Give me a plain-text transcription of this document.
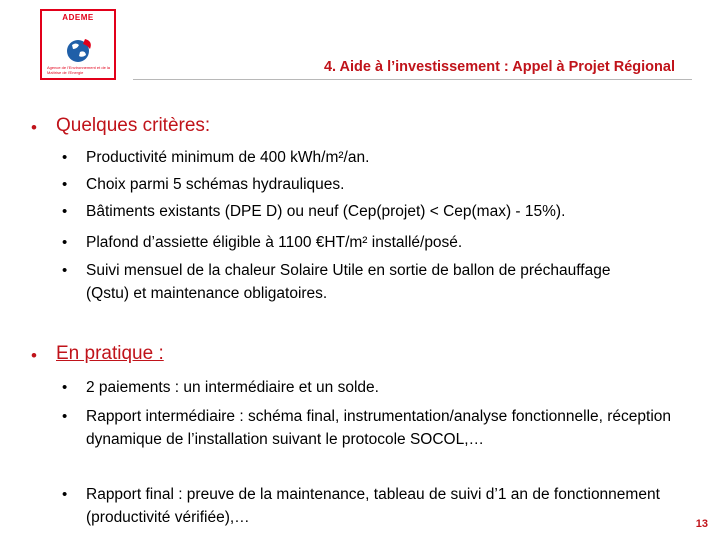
ADEME
Agence de l'Environnement et de la Maîtrise de l'Energie	4. Aide à l’investissement : Appel à Projet Régional
• Quelques critères:
•	Productivité minimum de 400 kWh/m²/an.
•	Choix parmi 5 schémas hydrauliques.
•	Bâtiments existants (DPE D) ou neuf (Cep(projet) < Cep(max) - 15%).
•	Plafond d’assiette éligible à 1100 €HT/m² installé/posé.
•	Suivi mensuel de la chaleur Solaire Utile en sortie de ballon de préchauffage (Qstu) et maintenance obligatoires.
• En pratique :
•	2 paiements : un intermédiaire et un solde.
•	Rapport intermédiaire : schéma final, instrumentation/analyse fonctionnelle, réception dynamique de l’installation suivant le protocole SOCOL,…
•	Rapport final : preuve de la maintenance, tableau de suivi d’1 an de fonctionnement (productivité vérifiée),…	13
